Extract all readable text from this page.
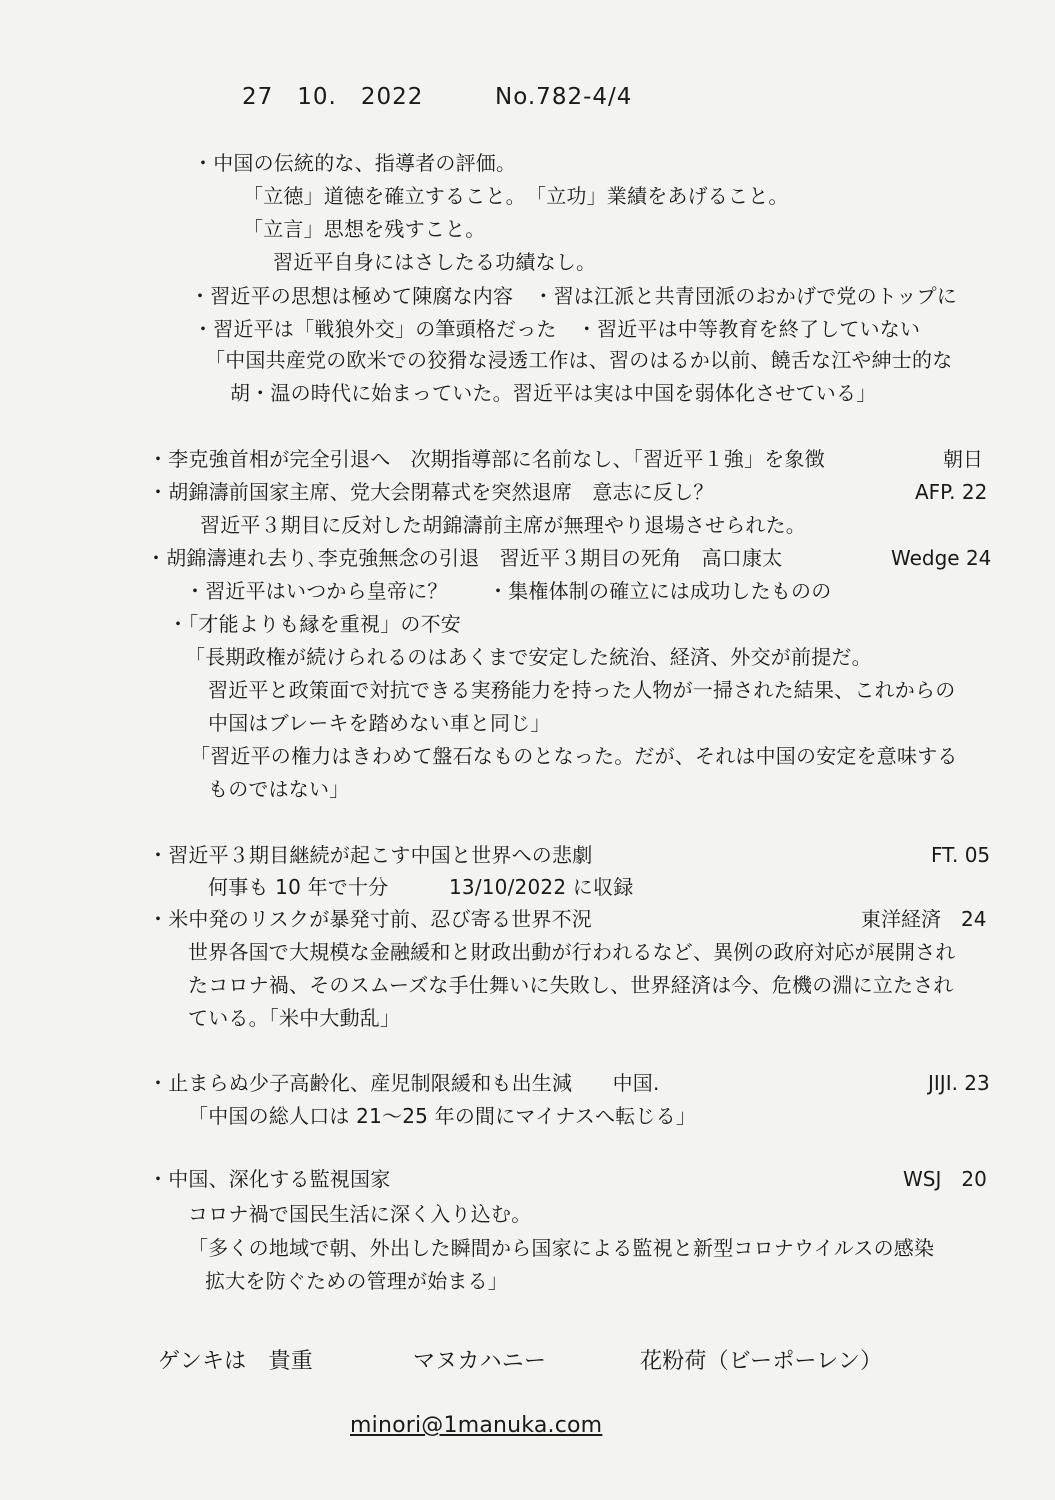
27　10.　2022	No.782-4/4
・中国の伝統的な、指導者の評価。
「立徳」道徳を確立すること。　「立功」業績をあげること。
「立言」思想を残すこと。
習近平自身にはさしたる功績なし。
・習近平の思想は極めて陳腐な内容　・習は江派と共青団派のおかげで党のトップに
・習近平は「戦狼外交」の筆頭格だった　・習近平は中等教育を終了していない
「中国共産党の欧米での狡猾な浸透工作は、習のはるか以前、饒舌な江や紳士的な
胡・温の時代に始まっていた。習近平は実は中国を弱体化させている」
・李克強首相が完全引退へ　次期指導部に名前なし、「習近平１強」を象徴	朝日
・胡錦濤前国家主席、党大会閉幕式を突然退席　意志に反し？	AFP. 22
習近平３期目に反対した胡錦濤前主席が無理やり退場させられた。
・胡錦濤連れ去り､李克強無念の引退　習近平３期目の死角　高口康太	Wedge 24
・習近平はいつから皇帝に？　　・集権体制の確立には成功したものの
・「才能よりも縁を重視」の不安
「長期政権が続けられるのはあくまで安定した統治、経済、外交が前提だ。
習近平と政策面で対抗できる実務能力を持った人物が一掃された結果、これからの
中国はブレーキを踏めない車と同じ」
「習近平の権力はきわめて盤石なものとなった。だが、それは中国の安定を意味する
ものではない」
・習近平３期目継続が起こす中国と世界への悲劇	FT. 05
何事も 10 年で十分　　　13/10/2022 に収録
・米中発のリスクが暴発寸前、忍び寄る世界不況	東洋経済　24
世界各国で大規模な金融緩和と財政出動が行われるなど、異例の政府対応が展開され
たコロナ禍、そのスムーズな手仕舞いに失敗し、世界経済は今、危機の淵に立たされ
ている。「米中大動乱」
・止まらぬ少子高齢化、産児制限緩和も出生減　　中国.	JIJI. 23
「中国の総人口は 21～25 年の間にマイナスへ転じる」
・中国、深化する監視国家	WSJ　20
コロナ禍で国民生活に深く入り込む。
「多くの地域で朝、外出した瞬間から国家による監視と新型コロナウイルスの感染
拡大を防ぐための管理が始まる」
ゲンキは　貴重	マヌカハニー	花粉荷（ビーポーレン）
minori@1manuka.com
